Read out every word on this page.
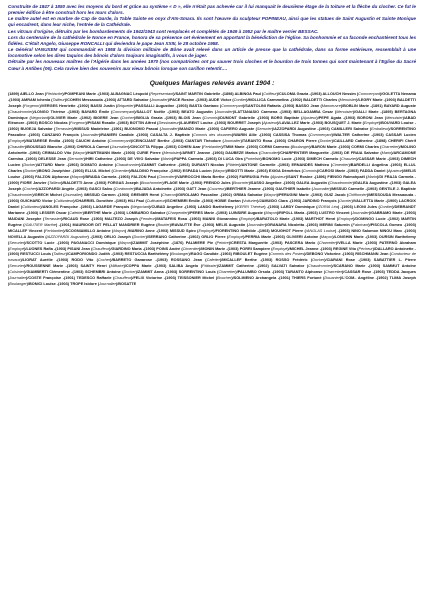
Construite de 1847 à 1850 avec les moyens du bord et grâce au système « D », elle n'était pas achevée car il lui manquait le deuxième étage de la toiture et la flèche du clocher. Ce fut le premier édifice à être construit hors les murs d'alors.

Le maître autel est en marbre de Cap de Garde, la Table Sainte en onyx d'Aïn-Smara. Ils sont l'œuvre du sculpteur POPINEAU, ainsi que les statues de Saint Augustin et Sainte Monique qui encadrent, dans leur niche, l'entrée de la Cathédrale.

Les vitraux d'origine, détruits par les bombardements de 1942/1943 sont remplacés et complétés de 1949 à 1952 par le maître verrier BESSAC.

Lors du centenaire de la cathédrale le Nonce en France, honora de sa présence cet événement en apportant la bénédiction de l'église. Sa bonhommie et sa faconde enchantèrent tous les fidèles. C'était Angelo, Giuseppe RONCALLI qui deviendra le pape Jean XXIII, le 28 octobre 1958.

Le Général VANUXEM qui commandait en 1958 la division militaire de Bône avait relevé dans un article de presse que la cathédrale, dans sa forme extérieure, ressemblait à une locomotive selon les dires taquins des bônois d'alors toujours imaginatifs, à vous de juger.

Détruite par les nouveaux maîtres de l'Algérie dans les années 1970 (nos compatriotes ont pu sauver trois cloches et le bourdon de trois tonnes qui sont maintenant à l'Eglise du Sacré Cœur à Antibes (06). Cela ravive bien des souvenirs aux vieux bônois lorsque son carillon retentit….

Quelques Mariages relevés avant 1904 :
(1899) AIELLO Jean (Plebiscite)/POMPEANI Marie -(1903) ALBAGNAC Léopold (Représentant)/SAINT MARTIN Gabrielle -(1898) ALBINGA Paul (Coiffeur)/CULOMA Grazia -(1903) ALLOUCH Nessim (Commerçant)/GOLETTA Nenama -(1903) AMRAM Ichenia (Tailleur)/COHEN Messaouda -(1903) ATTARD Salvator (Journalier)/PACE Rosine -(1903) AUDE Victor (Cordier)/MOLLICA Carmmelina -(1902) BALDETTI Charles (Menuisier)/LEGRY Marie -(1903) BALDETTI Joseph (Forgeron)/VERGES Henriette -(1902) BASSI Justin (Briquetier)/PASSALLI Augustine -(1903) BASTA Gaetano (Commerçant)/SANTOLINI Rafaela -(1903) BASSO Jean (Manoeuvre)/BOBLIN Marie -(1891) BAYARD Auguste (Chaudronnier)/LONGO Thérèse -(1903) BAYARD Émile (Commerçant)/SALLOT Noëlie -(1903) BEATO Augustin (Journalier)/LATTANASIO Carmena -(1903) BELLAGAMBA Cesar (Menuisier)/GALLI Marie -(1895) BERTAGNA Dominique (Négociant)/OLIVIER Marie -(1902) BIGERE Jean (Cocher)/BIGLIA Grazia -(1903) BLOIS Jean (Commis)/DUMONT Gabrielle -(1903) BORG Baptiste (Ajusteur)/PEPE Agata -(1903) BORONI Jean (Menuisier)/ABAD Eléonore -(1903) BOSCO Nicolas (Forgeron)/PISANI Rosalie -(1903) BOTTIN Alfred (Dessinateur)/LAURENT Louise -(1903) BOURRET Joseph (Ajusteur)/LAVALLEZ Marie -(1903) BOUSQUET J. Marie (Employé)/BOUVARD Louise -(1902) BUGEJA Salvator (Terrassier)/MISSUD Madeleine -(1901) BUONOMO Pascal (Journalier)/MANZO Marie -(1903) CAFIERO Auguste (Serrurier)/AZZOPARDI Augustine -(1903) CAMILLERI Salvator (Emballeur)/SORRENTINO Pascaline -(1903) CANZANO François (Journalier)/RANIERI Candide -(1903) CASALTA J. Baptiste (Commis des douanes)/WARIN Allie -(1903) CASSISA Thomas (Commerçant)/WALTER Catherine -(1903) CASSAR Lucien (Employé)/MATARESE Emilia -(1903) CAUCHI Antoine (Commerçant)/CEINCIJANT Berthe -(1903) CIANTAR Théodore (Journalier)/TARANTO Rosa -(1903) CHARON Pierre (Docker)/CAILLARD Catherine -(1898) CHERIFI Chérif (Chaudier)/BOUSSAD Blanche -(1903) CHIRIOLA Carmel (Journalier)/CINCOTTA Filippa -(1903) COHEN Azar (Ferblantier)/TMIM Marie -(1903) CORMI Carmeno (Boulanger)/BARON Marie -(1903) CORMI Charles (Charretier)/MOLINO Antoinette -(1903) CRIMALDO Vito (Maçon)/HARTMANN Marie -(1903) CURIE Pierre (Menuisier)/ARNET Jeanne -(1903) DAUBEZE Marius (Charcutier)/CHARPENTIER Marguerite -(1903) DE FRAIA Salvator (Marin)/ARCAMONE Carmina -(1903) DELESSE Jean (Serrurier)/HIRI Catherine -(1903) DE VIVO Salvator (Marin)/PAPPA Carmela -(1903) DI LUCA Gira (Portefaix)/BONOMO Lucie -(1903) DIMECH Carmelo (Chauzier)/CASSAR Marie -(1903) DIMECH Lucien (Docker)/ATTARD Marie -(1903) DOMATO Antoine (Chaudronnier)/ZAMMIT Catherine -(1903) DURANTI Nicolas (Plâtrier)/ANTONE Carmelle -(1903) ERNANDES Mathieu (Cimentier)/BARDELLI Angelina -(1903) ELLUL Charles (Docker)/BONO Joséphine -(1903) ELLUL Michel (Cimentier)/BALDINO Françoise -(1902) ESPADA Lucien (Maçon)/RIDOTTI Marie -(1903) EXIGA Démétrius (Commis)/CAROSI Marie -(1903) FADDA Daniel (Ajusteur)/MELIS Louise -(1903) FALZON Alphonse (Maçon)/BRAIDA Carmela -(1903) FALZON Paul (Cimentier)/VARROCCHI Maria Berthe -(1902) FARRUGIA Félix (Ajusteur)/SANT Rosine -(1896) FIENGO Raimohpaël (Marin)/DI FRAJA Carmela -(1900) FIORE Janvier (Tailleur)/BALDETTI Anne -(1903) FORGAS Joseph (Bouchonnier)/FLAGE Marie -(1903) FRENDO Jules (Boucrrier)/SASSO Angeline -(1903) GALEA Augustin (Chaudronnier)/GALEA Augustine -(1903) GALEA Joseph (Cocher)/AZZOPARDI Angèle -(1903) GASCI Salvo (Cordonnier)/BAJADA Antoinette -(1903) GATT Jean (Couvreur)/BERTHIER Jeanne -(1903) GAUTHIER Isabelle (Journalier)/MISSUD Carmelle -(1903) GENTILE J. Baptiste (Chaudronnier)/GRECH Michel (Journalier) /MISSUD Carmen -(1903) GRENIER Henri (Charron)/GIROLAMO Pascaline -(1902) GRIMA Salvator (Maçon)/PERUGINI Marie -(1903) GUIZ Jacob (Chiffonnier)/MESSOUDA Messaouda -(1903) GUICHARD Victor (Cultivateur)/CHARRIEL Dorothée -(1903) HILI Paul (Cultivateur)/SCHEMBRI Emilie -(1903) HOBIE Gaetan (Voiturier)/JAMUIDO Clara -(1903) JARDINO François (Ouvrier)/VALLETTA Marie -(1900) LACROIX Daniel (Cultivateur)/ANGLES Françoise -(1903) LAGARDE François (Négociant)/CUBAD Angeline -(1903) LANDO Barthélemy (/KERRI Thérèse) -(1903) LARDY Dominique (/ZORIA Léa) -(1903) LEONI Jules (Cordier)/DEBRANDT Marianne -(1903) LESSER Oscar (Cafetier)/BERTHE Marie -(1903) LOMBARDO Salvator (Charpentier)/PERES Marie -(1903) LUINSIRE Auguste (Maçon)/RIPOLL Maria -(1903) LUSTRO Vincent (Journalier)/GABRAMO Marie -(1903) MAIDANI Josephe (Terrassier)/RICAUD Rose -(1903) MALTEZO Joseph (Fendeur)/MATAFEIS Rosa -(1903) MANNI Giovannino (Emploje)/BARATOLO Marie -(1903) MARTHOT Henri (Employé)/DOMINGO Lucie -(1902) MARTIN Eugène (/GAUTIER Marthe) -(1901) MAURIOOR DIT PELLAT MANDRIER Eugène (Boutier)/RAVAUTTE Ève -(1903) MELIS Augustin (Journalier)/GRANARA Nicoletta -(1903) MERINI Saturnin (Fabricant)/PISCOLA Gomeo -(1903) MICALLEF Vincent (Ferblantier)/SCOGNIAMILLO Antoine (Maçon) /MARINO Anne -(1903) MISSUD Spiro (Employé)/FIORENTINO Mathilde -(1903) MOUGHOT Pierre (/ANGLAS Louise) -(1903) NINO Salomon NINOU Marc -(1903) NOVELLA Augustin (/AZZOPARDI Augustine) -(1903) ORLIO Joseph (Docker)/SERRANO Catherine -(1902) ORLIO Pierre (Employé)/PERRIA Marie -(1903) OLIVIERI Antoine (Maçon)/LONGHIN Marie -(1903) OURSIN Barthélemy (Serrurier)/SCOTTO Lucie -(1903) PAGANACCI Dominique (Maçon)/ZAMMIT Joséphine -(1876) PALMIERE Pie (Peintre)/CRESTA Marguerite -(1903) PASCERA Mario (Charretier)/VELLA Marie -(1903) PATERNÒ Abraham (Employé)/LUONES Rafla -(1903) PISANI Jean (Chauffeur)/GIARDINO Maria -(1903) POINS André (Cimentier)/MONIN Marie -(1903) PORRI Sampiere (Employé)/MICHEL Jeanne -(1903) REGINE Vito (Pécheur)/DALLARO Antoinette -(1903) RESTUCCI Louis (Tailleur)/CAMPORIONDO Judith -(1903) RESTUCCIA Barthélémy (Boulanger)/RAGO Candide -(1903) RIBOULET Eugène (Commis des Postes)/DEBONO Victorine -(1903) RISCHMANN Jean (Conducteur de travaux)/LIORAT Aurélie -(1903) RODO Vito (Cocher)/BARRETO Ganarose -(1903) ROSSANO Jean (Cafetier)/MICALLEF Berthe -(1903) ROSSO Frédéric (Docker)/CIARANI Rose -(1903) SABATTIER L. Pierre (Serrurier)/ROUSSENNE Marie -(1903) SAINTY Henri (Militaire)/COPPA Marie -(1903) SALIBA Angelo (Pâtissier)/ZAMMIT Catherine -(1902) SALVATI Salvator (Chaudronnier)/SCARANO Marie -(1903) SAMMUT Antoine (Cuisinier)/GIAMBERTI Clémentine -(1903) SCHEMBRI Antoine (Docker)/ZAMMIT Anna -(1903) SORRENTINO Louis (Charretier)/PALUMBO Orsola -(1903) TARANTO Alphonse (Charretier)/CASSAR Rose -(1903) TEDDA Jacques (Journalier)/COSTE Françoise -(1901) TEDESCO Raffaele (Chauffeur)/FELIX Victorine -(1903) TEISSONIER Michel (Boucher)/SOLIMENO Archangela -(1901) THIERS Fortuné (Douanier)/L'COM.. Angéline -(1902) TLIMA Joseph (Boulanger)/BONICI Louise -(1903) TROPE Isidore (Journalier)/BOSATTE
